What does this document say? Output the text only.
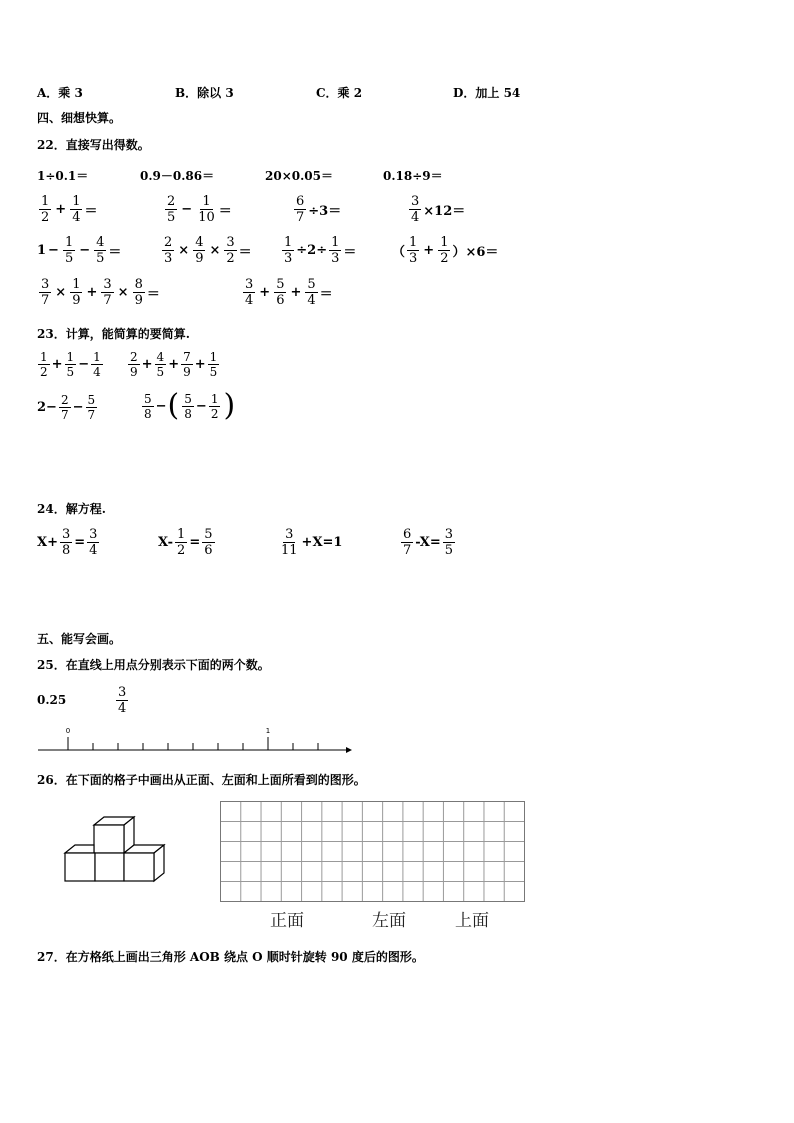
A．乘 3	B．除以 3	C．乘 2	D．加上 54
四、细想快算。
22．直接写出得数。
1÷0.1＝	0.9－0.86＝	20×0.05＝	0.18÷9＝
$\frac{1}{2} + \frac{1}{4}$ ＝	$\frac{2}{5} - \frac{1}{10}$ ＝	$\frac{6}{7} \div 3=$	$\frac{3}{4} \times 12=$
$1 - \frac{1}{5} - \frac{4}{5}$ ＝	$\frac{2}{3} \times \frac{4}{9} \times \frac{3}{2} = \frac{1}{3} \div 2\div \frac{1}{3}$ ＝	（ $\frac{1}{3} + \frac{1}{2} )\times 6=$
$\frac{3}{7} \times \frac{1}{9} + \frac{3}{7} \times \frac{8}{9}$ ＝	$\frac{3}{4} + \frac{5}{6} + \frac{5}{4}$ ＝
23．计算，能简算的要简算.
$\frac{1}{2} + \frac{1}{5} - \frac{1}{4} \frac{2}{9} + \frac{4}{5} + \frac{7}{9} + \frac{1}{5}$
$2 - \frac{2}{7} - \frac{5}{7}$	$\frac{5}{8}$ − ( $\frac{5}{8} - \frac{1}{2}$ )
24．解方程.
$X+ \frac{3}{8} = \frac{3}{4}$	$X- \frac{1}{2} = \frac{5}{6}$	$\frac{3}{11} +X=1$	$\frac{6}{7} -X= \frac{3}{5}$
五、能写会画。
25．在直线上用点分别表示下面的两个数。
0.25	$\frac{3}{4}$
0	1
26．在下面的格子中画出从正面、左面和上面所看到的图形。
正面	左面	上面
27．在方格纸上画出三角形 AOB 绕点 O 顺时针旋转 90 度后的图形。
